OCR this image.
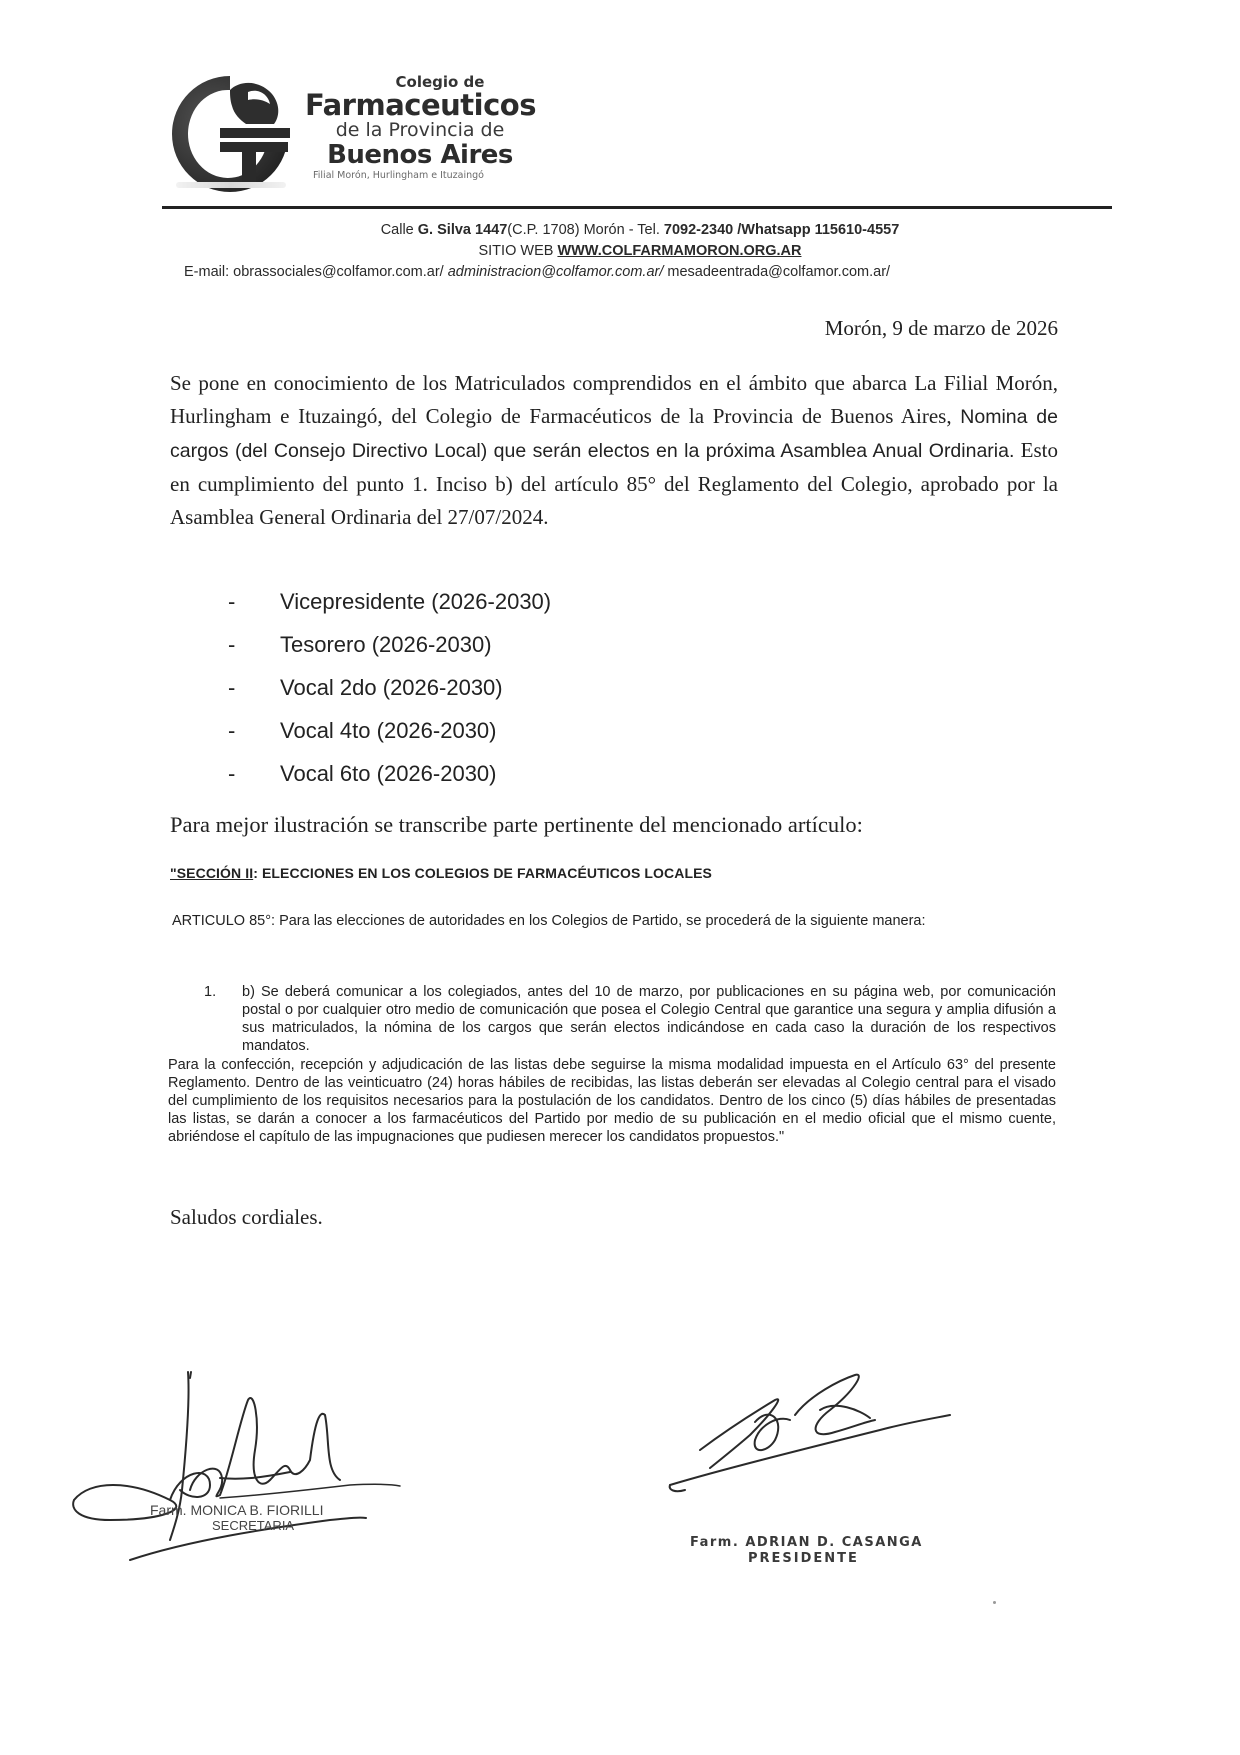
Colegio de
Farmaceuticos
de la Provincia de
Buenos Aires
Filial Morón, Hurlingham e Ituzaingó
Calle G. Silva 1447(C.P. 1708) Morón - Tel. 7092-2340 /Whatsapp 115610-4557
SITIO WEB WWW.COLFARMAMORON.ORG.AR
E-mail: obrassociales@colfamor.com.ar/ administracion@colfamor.com.ar/ mesadeentrada@colfamor.com.ar/
Morón, 9 de marzo de 2026

Se pone en conocimiento de los Matriculados comprendidos en el ámbito que abarca La Filial Morón, Hurlingham e Ituzaingó, del Colegio de Farmacéuticos de la Provincia de Buenos Aires, Nomina de cargos (del Consejo Directivo Local) que serán electos en la próxima Asamblea Anual Ordinaria. Esto en cumplimiento del punto 1. Inciso b) del artículo 85° del Reglamento del Colegio, aprobado por la Asamblea General Ordinaria del 27/07/2024.

-	Vicepresidente (2026-2030)
-	Tesorero (2026-2030)
-	Vocal 2do (2026-2030)
-	Vocal 4to (2026-2030)
-	Vocal 6to (2026-2030)
Para mejor ilustración se transcribe parte pertinente del mencionado artículo:
"SECCIÓN II: ELECCIONES EN LOS COLEGIOS DE FARMACÉUTICOS LOCALES
ARTICULO 85°: Para las elecciones de autoridades en los Colegios de Partido, se procederá de la siguiente manera:
1.	b) Se deberá comunicar a los colegiados, antes del 10 de marzo, por publicaciones en su página web, por comunicación postal o por cualquier otro medio de comunicación que posea el Colegio Central que garantice una segura y amplia difusión a sus matriculados, la nómina de los cargos que serán electos indicándose en cada caso la duración de los respectivos mandatos.
Para la confección, recepción y adjudicación de las listas debe seguirse la misma modalidad impuesta en el Artículo 63° del presente Reglamento. Dentro de las veinticuatro (24) horas hábiles de recibidas, las listas deberán ser elevadas al Colegio central para el visado del cumplimiento de los requisitos necesarios para la postulación de los candidatos. Dentro de los cinco (5) días hábiles de presentadas las listas, se darán a conocer a los farmacéuticos del Partido por medio de su publicación en el medio oficial que el mismo cuente, abriéndose el capítulo de las impugnaciones que pudiesen merecer los candidatos propuestos."
Saludos cordiales.
Farm. MONICA B. FIORILLI
SECRETARIA
Farm. ADRIAN D. CASANGA
PRESIDENTE
